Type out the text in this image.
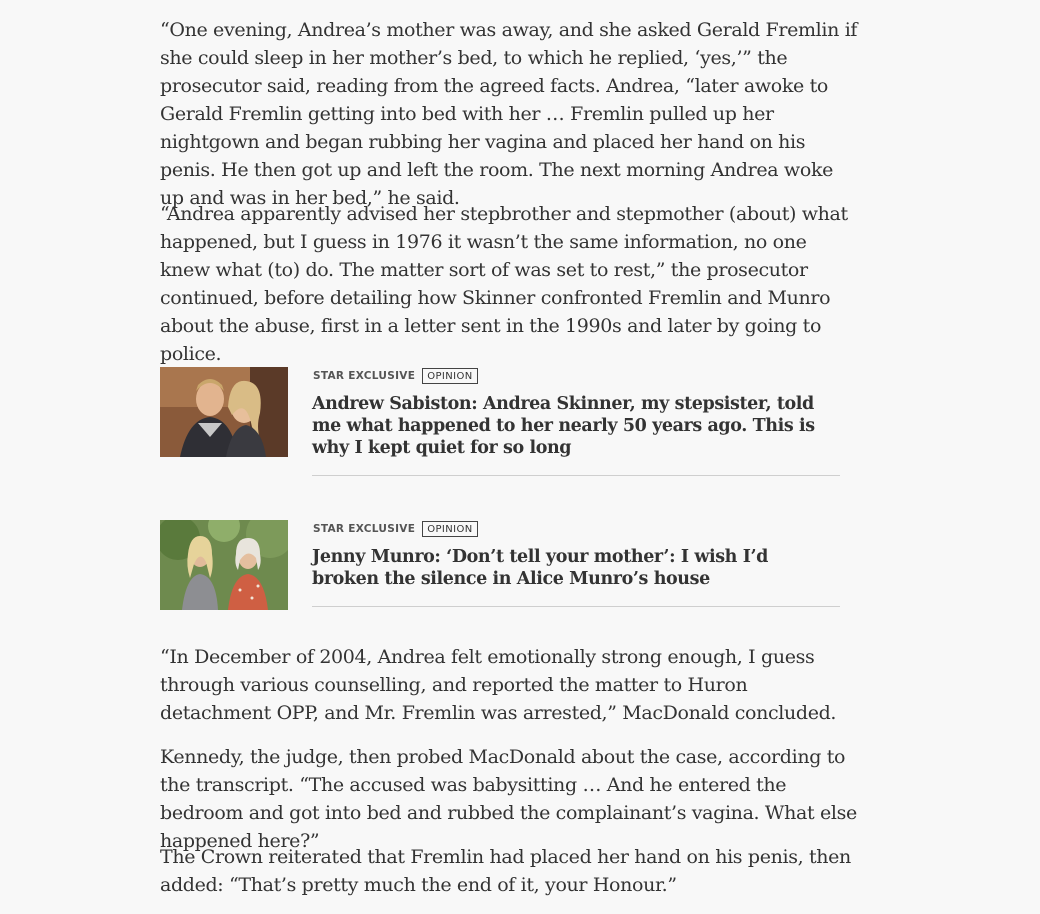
“One evening, Andrea’s mother was away, and she asked Gerald Fremlin if she could sleep in her mother’s bed, to which he replied, ‘yes,’” the prosecutor said, reading from the agreed facts. Andrea, “later awoke to Gerald Fremlin getting into bed with her … Fremlin pulled up her nightgown and began rubbing her vagina and placed her hand on his penis. He then got up and left the room. The next morning Andrea woke up and was in her bed,” he said.

“Andrea apparently advised her stepbrother and stepmother (about) what happened, but I guess in 1976 it wasn’t the same information, no one knew what (to) do. The matter sort of was set to rest,” the prosecutor continued, before detailing how Skinner confronted Fremlin and Munro about the abuse, first in a letter sent in the 1990s and later by going to police.

STAR EXCLUSIVE	OPINION

Andrew Sabiston: Andrea Skinner, my stepsister, told me what happened to her nearly 50 years ago. This is why I kept quiet for so long

STAR EXCLUSIVE	OPINION

Jenny Munro: ‘Don’t tell your mother’: I wish I’d broken the silence in Alice Munro’s house

“In December of 2004, Andrea felt emotionally strong enough, I guess through various counselling, and reported the matter to Huron detachment OPP, and Mr. Fremlin was arrested,” MacDonald concluded.

Kennedy, the judge, then probed MacDonald about the case, according to the transcript. “The accused was babysitting … And he entered the bedroom and got into bed and rubbed the complainant’s vagina. What else happened here?”

The Crown reiterated that Fremlin had placed her hand on his penis, then added: “That’s pretty much the end of it, your Honour.”
